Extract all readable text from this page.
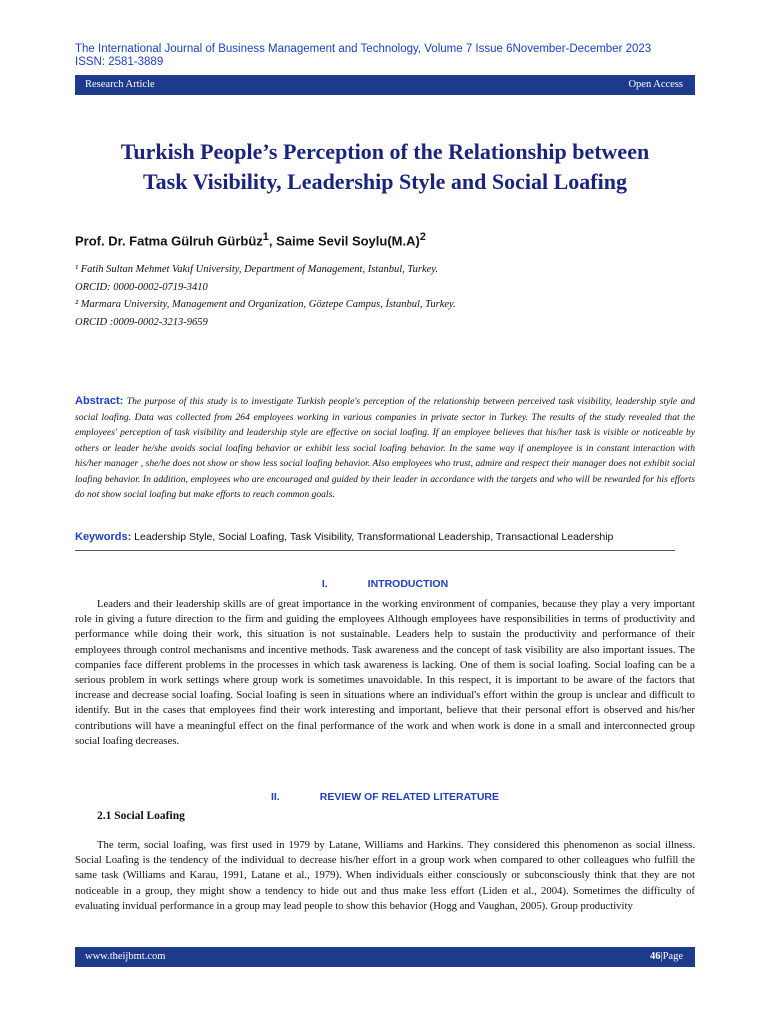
The International Journal of Business Management and Technology, Volume 7 Issue 6November-December 2023
ISSN: 2581-3889
Research Article	Open Access
Turkish People’s Perception of the Relationship between
Task Visibility, Leadership Style and Social Loafing
Prof. Dr. Fatma Gülruh Gürbüz$^1$, Saime Sevil $Soylu(M.A)^2$
¹ Fatih Sultan Mehmet Vakıf University, Department of Management, Istanbul, Turkey.
ORCID: 0000-0002-0719-3410
² Marmara University, Management and Organization, Göztepe Campus, İstanbul, Turkey.
ORCID :0009-0002-3213-9659
Abstract: The purpose of this study is to investigate Turkish people's perception of the relationship between perceived task visibility, leadership style and social loafing. Data was collected from 264 employees working in various companies in private sector in Turkey. The results of the study revealed that the employees' perception of task visibility and leadership style are effective on social loafing. If an employee believes that his/her task is visible or noticeable by others or leader he/she avoids social loafing behavior or exhibit less social loafing behavior. In the same way if anemployee is in constant interaction with his/her manager , she/he does not show or show less social loafing behavior. Also employees who trust, admire and respect their manager does not exhibit social loafing behavior. In addition, employees who are encouraged and guided by their leader in accordance with the targets and who will be rewarded for his efforts do not show social loafing but make efforts to reach common goals.
Keywords: Leadership Style, Social Loafing, Task Visibility, Transformational Leadership, Transactional Leadership
I.	INTRODUCTION
Leaders and their leadership skills are of great importance in the working environment of companies, because they play a very important role in giving a future direction to the firm and guiding the employees Although employees have responsibilities in terms of productivity and performance while doing their work, this situation is not sustainable. Leaders help to sustain the productivity and performance of their employees through control mechanisms and incentive methods. Task awareness and the concept of task visibility are also important issues. The companies face different problems in the processes in which task awareness is lacking. One of them is social loafing. Social loafing can be a serious problem in work settings where group work is sometimes unavoidable. In this respect, it is important to be aware of the factors that increase and decrease social loafing. Social loafing is seen in situations where an individual's effort within the group is unclear and difficult to identify. But in the cases that employees find their work interesting and important, believe that their personal effort is observed and his/her contributions will have a meaningful effect on the final performance of the work and when work is done in a small and interconnected group social loafing decreases.
II.	REVIEW OF RELATED LITERATURE
2.1 Social Loafing
The term, social loafing, was first used in 1979 by Latane, Williams and Harkins. They considered this phenomenon as social illness. Social Loafing is the tendency of the individual to decrease his/her effort in a group work when compared to other colleagues who fulfill the same task (Williams and Karau, 1991, Latane et al., 1979). When individuals either consciously or subconsciously think that they are not noticeable in a group, they might show a tendency to hide out and thus make less effort (Liden et al., 2004). Sometimes the difficulty of evaluating invidual performance in a group may lead people to show this behavior (Hogg and Vaughan, 2005). Group productivity
www.theijbmt.com	46|Page
